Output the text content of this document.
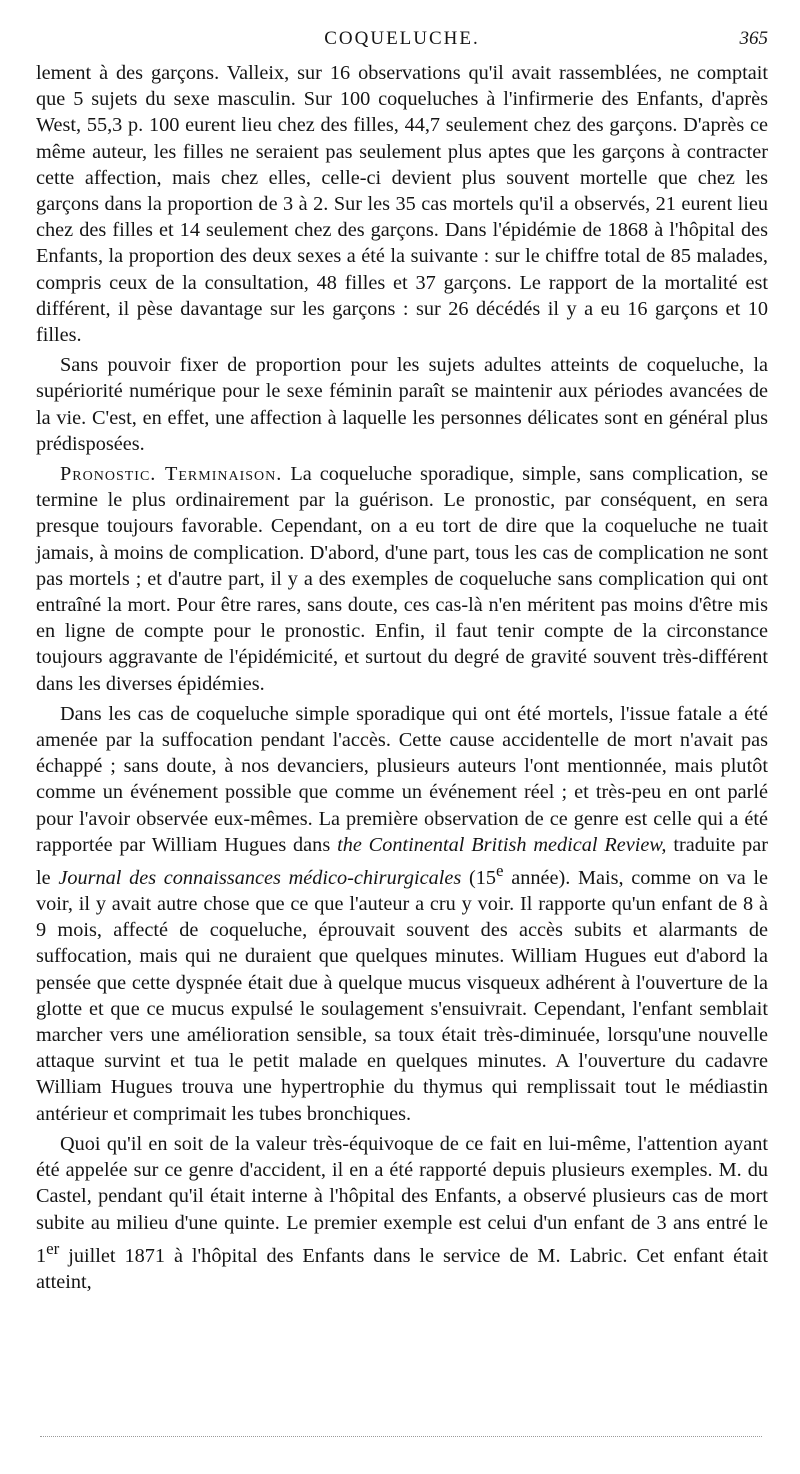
COQUELUCHE.	365

lement à des garçons. Valleix, sur 16 observations qu'il avait rassemblées, ne comptait que 5 sujets du sexe masculin. Sur 100 coqueluches à l'infirmerie des Enfants, d'après West, 55,3 p. 100 eurent lieu chez des filles, 44,7 seulement chez des garçons. D'après ce même auteur, les filles ne seraient pas seulement plus aptes que les garçons à contracter cette affection, mais chez elles, celle-ci devient plus souvent mortelle que chez les garçons dans la proportion de 3 à 2. Sur les 35 cas mortels qu'il a observés, 21 eurent lieu chez des filles et 14 seulement chez des garçons. Dans l'épidémie de 1868 à l'hôpital des Enfants, la proportion des deux sexes a été la suivante : sur le chiffre total de 85 malades, compris ceux de la consultation, 48 filles et 37 garçons. Le rapport de la mortalité est différent, il pèse davantage sur les garçons : sur 26 décédés il y a eu 16 garçons et 10 filles.

Sans pouvoir fixer de proportion pour les sujets adultes atteints de coqueluche, la supériorité numérique pour le sexe féminin paraît se maintenir aux périodes avancées de la vie. C'est, en effet, une affection à laquelle les personnes délicates sont en général plus prédisposées.

Pronostic. Terminaison. La coqueluche sporadique, simple, sans complication, se termine le plus ordinairement par la guérison. Le pronostic, par conséquent, en sera presque toujours favorable. Cependant, on a eu tort de dire que la coqueluche ne tuait jamais, à moins de complication. D'abord, d'une part, tous les cas de complication ne sont pas mortels ; et d'autre part, il y a des exemples de coqueluche sans complication qui ont entraîné la mort. Pour être rares, sans doute, ces cas-là n'en méritent pas moins d'être mis en ligne de compte pour le pronostic. Enfin, il faut tenir compte de la circonstance toujours aggravante de l'épidémicité, et surtout du degré de gravité souvent très-différent dans les diverses épidémies.

Dans les cas de coqueluche simple sporadique qui ont été mortels, l'issue fatale a été amenée par la suffocation pendant l'accès. Cette cause accidentelle de mort n'avait pas échappé ; sans doute, à nos devanciers, plusieurs auteurs l'ont mentionnée, mais plutôt comme un événement possible que comme un événement réel ; et très-peu en ont parlé pour l'avoir observée eux-mêmes. La première observation de ce genre est celle qui a été rapportée par William Hugues dans the Continental British medical Review, traduite par le Journal des connaissances médico-chirurgicales (15e année). Mais, comme on va le voir, il y avait autre chose que ce que l'auteur a cru y voir. Il rapporte qu'un enfant de 8 à 9 mois, affecté de coqueluche, éprouvait souvent des accès subits et alarmants de suffocation, mais qui ne duraient que quelques minutes. William Hugues eut d'abord la pensée que cette dyspnée était due à quelque mucus visqueux adhérent à l'ouverture de la glotte et que ce mucus expulsé le soulagement s'ensuivrait. Cependant, l'enfant semblait marcher vers une amélioration sensible, sa toux était très-diminuée, lorsqu'une nouvelle attaque survint et tua le petit malade en quelques minutes. A l'ouverture du cadavre William Hugues trouva une hypertrophie du thymus qui remplissait tout le médiastin antérieur et comprimait les tubes bronchiques.

Quoi qu'il en soit de la valeur très-équivoque de ce fait en lui-même, l'attention ayant été appelée sur ce genre d'accident, il en a été rapporté depuis plusieurs exemples. M. du Castel, pendant qu'il était interne à l'hôpital des Enfants, a observé plusieurs cas de mort subite au milieu d'une quinte. Le premier exemple est celui d'un enfant de 3 ans entré le 1er juillet 1871 à l'hôpital des Enfants dans le service de M. Labric. Cet enfant était atteint,
